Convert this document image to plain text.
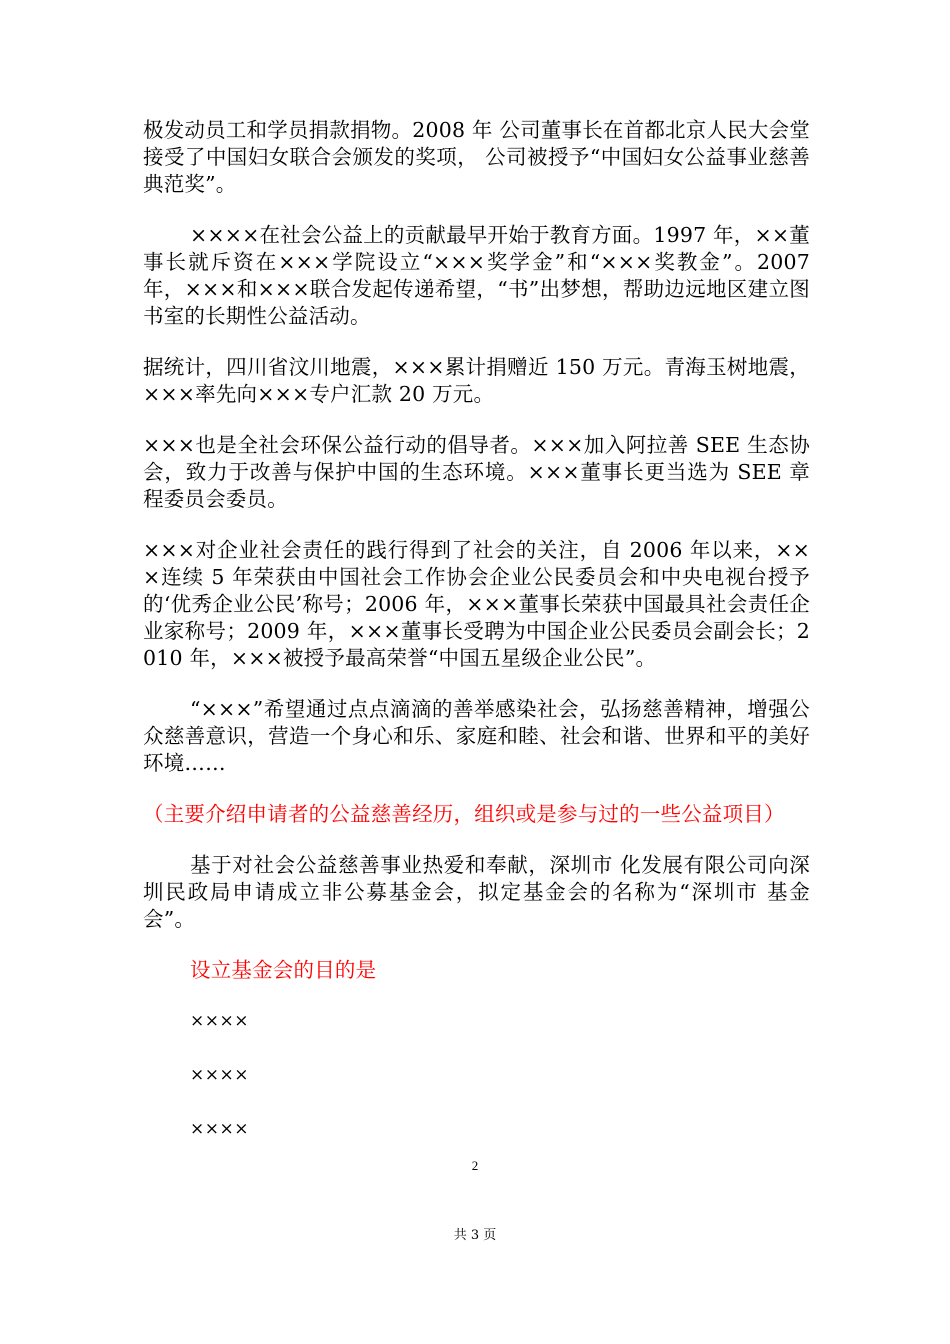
极发动员工和学员捐款捐物。2008 年 公司董事长在首都北京人民大会堂接受了中国妇女联合会颁发的奖项， 公司被授予“中国妇女公益事业慈善典范奖”。

××××在社会公益上的贡献最早开始于教育方面。1997 年，××董事长就斥资在×××学院设立“×××奖学金”和“×××奖教金”。2007 年，×××和×××联合发起传递希望，“书”出梦想，帮助边远地区建立图书室的长期性公益活动。

据统计，四川省汶川地震，×××累计捐赠近 150 万元。青海玉树地震，×××率先向×××专户汇款 20 万元。

×××也是全社会环保公益行动的倡导者。×××加入阿拉善 SEE 生态协会，致力于改善与保护中国的生态环境。×××董事长更当选为 SEE 章程委员会委员。

×××对企业社会责任的践行得到了社会的关注，自 2006 年以来，×××连续 5 年荣获由中国社会工作协会企业公民委员会和中央电视台授予的‘优秀企业公民’称号；2006 年，×××董事长荣获中国最具社会责任企业家称号；2009 年，×××董事长受聘为中国企业公民委员会副会长；2010 年，×××被授予最高荣誉“中国五星级企业公民”。

“×××”希望通过点点滴滴的善举感染社会，弘扬慈善精神，增强公众慈善意识，营造一个身心和乐、家庭和睦、社会和谐、世界和平的美好环境……

（主要介绍申请者的公益慈善经历，组织或是参与过的一些公益项目）

基于对社会公益慈善事业热爱和奉献，深圳市 化发展有限公司向深圳民政局申请成立非公募基金会，拟定基金会的名称为“深圳市 基金会”。

设立基金会的目的是

××××

××××

××××

2
共 3 页
